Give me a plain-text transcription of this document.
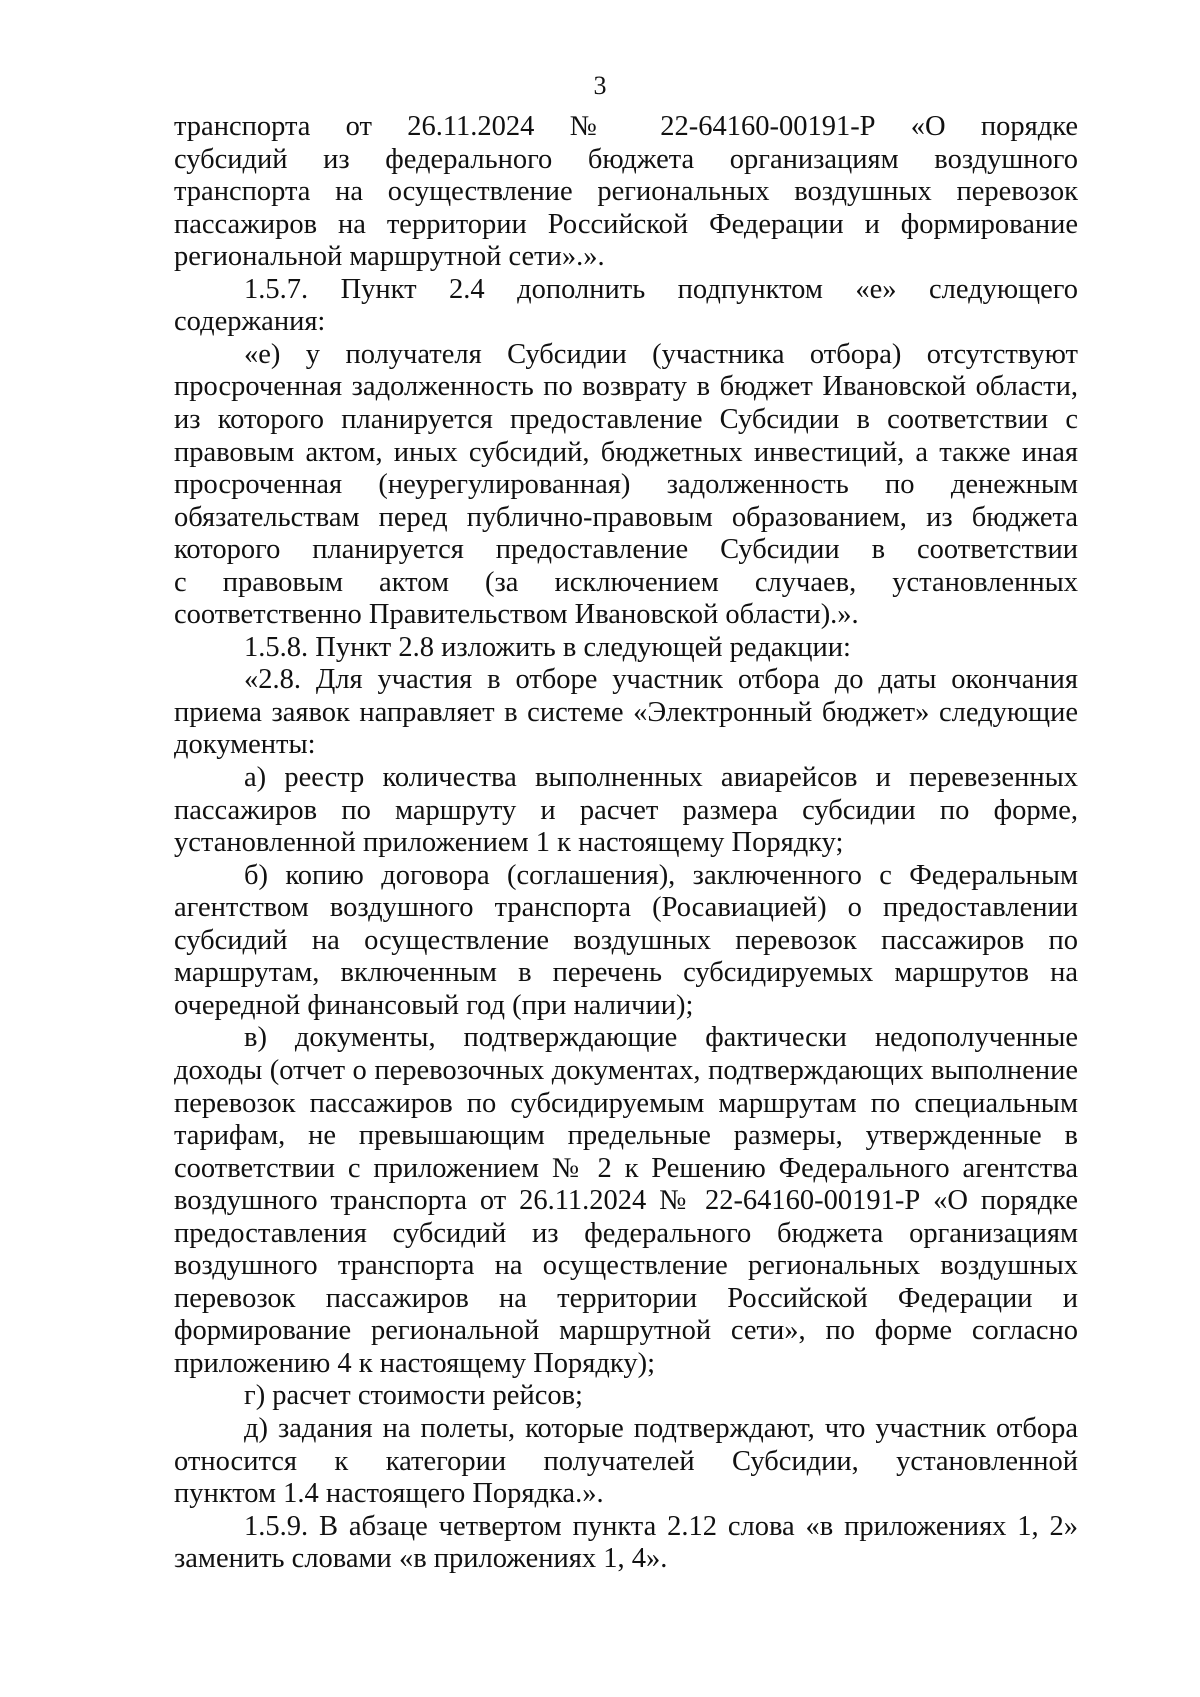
3
транспорта от 26.11.2024 № 22-64160-00191-Р «О порядке
субсидий из федерального бюджета организациям воздушного
транспорта на осуществление региональных воздушных перевозок
пассажиров на территории Российской Федерации и формирование
региональной маршрутной сети».».
1.5.7. Пункт 2.4 дополнить подпунктом «е» следующего
содержания:
«е) у получателя Субсидии (участника отбора) отсутствуют
просроченная задолженность по возврату в бюджет Ивановской области,
из которого планируется предоставление Субсидии в соответствии с
правовым актом, иных субсидий, бюджетных инвестиций, а также иная
просроченная (неурегулированная) задолженность по денежным
обязательствам перед публично-правовым образованием, из бюджета
которого планируется предоставление Субсидии в соответствии
с правовым актом (за исключением случаев, установленных
соответственно Правительством Ивановской области).».
1.5.8. Пункт 2.8 изложить в следующей редакции:
«2.8. Для участия в отборе участник отбора до даты окончания
приема заявок направляет в системе «Электронный бюджет» следующие
документы:
а) реестр количества выполненных авиарейсов и перевезенных
пассажиров по маршруту и расчет размера субсидии по форме,
установленной приложением 1 к настоящему Порядку;
б) копию договора (соглашения), заключенного с Федеральным
агентством воздушного транспорта (Росавиацией) о предоставлении
субсидий на осуществление воздушных перевозок пассажиров по
маршрутам, включенным в перечень субсидируемых маршрутов на
очередной финансовый год (при наличии);
в) документы, подтверждающие фактически недополученные
доходы (отчет о перевозочных документах, подтверждающих выполнение
перевозок пассажиров по субсидируемым маршрутам по специальным
тарифам, не превышающим предельные размеры, утвержденные в
соответствии с приложением № 2 к Решению Федерального агентства
воздушного транспорта от 26.11.2024 № 22-64160-00191-Р «О порядке
предоставления субсидий из федерального бюджета организациям
воздушного транспорта на осуществление региональных воздушных
перевозок пассажиров на территории Российской Федерации и
формирование региональной маршрутной сети», по форме согласно
приложению 4 к настоящему Порядку);
г) расчет стоимости рейсов;
д) задания на полеты, которые подтверждают, что участник отбора
относится к категории получателей Субсидии, установленной
пунктом 1.4 настоящего Порядка.».
1.5.9. В абзаце четвертом пункта 2.12 слова «в приложениях 1, 2»
заменить словами «в приложениях 1, 4».
